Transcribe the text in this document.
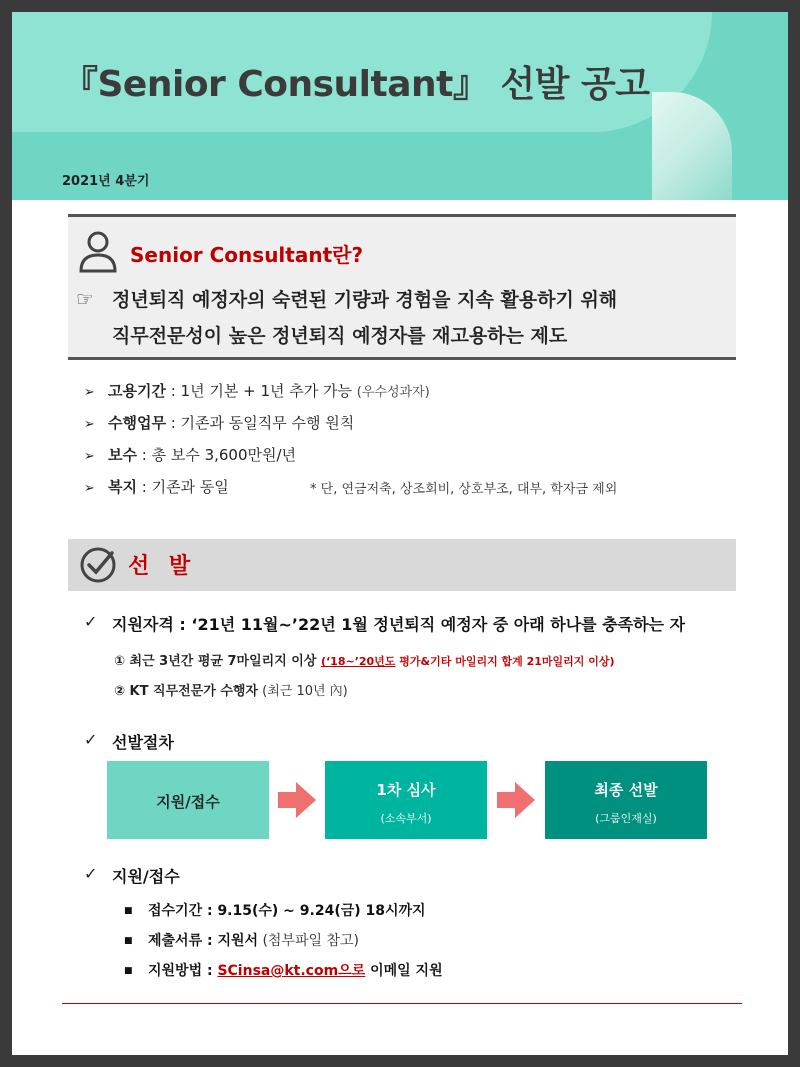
『Senior Consultant』 선발 공고
2021년 4분기
Senior Consultant란?
☞ 정년퇴직 예정자의 숙련된 기량과 경험을 지속 활용하기 위해
직무전문성이 높은 정년퇴직 예정자를 재고용하는 제도
➢ 고용기간 : 1년 기본 + 1년 추가 가능 (우수성과자)
➢ 수행업무 : 기존과 동일직무 수행 원칙
➢ 보수 : 총 보수 3,600만원/년
➢ 복지 : 기존과 동일	* 단, 연금저축, 상조회비, 상호부조, 대부, 학자금 제외
선 발
✓ 지원자격 : ‘21년 11월~’22년 1월 정년퇴직 예정자 중 아래 하나를 충족하는 자
① 최근 3년간 평균 7마일리지 이상 (‘18~’20년도 평가&기타 마일리지 합계 21마일리지 이상)
② KT 직무전문가 수행자 (최근 10년 內)
✓ 선발절차
지원/접수
1차 심사
(소속부서)
최종 선발
(그룹인재실)
✓ 지원/접수
■ 접수기간 : 9.15(수) ~ 9.24(금) 18시까지
■ 제출서류 : 지원서 (첨부파일 참고)
■ 지원방법 : SCinsa@kt.com으로 이메일 지원
